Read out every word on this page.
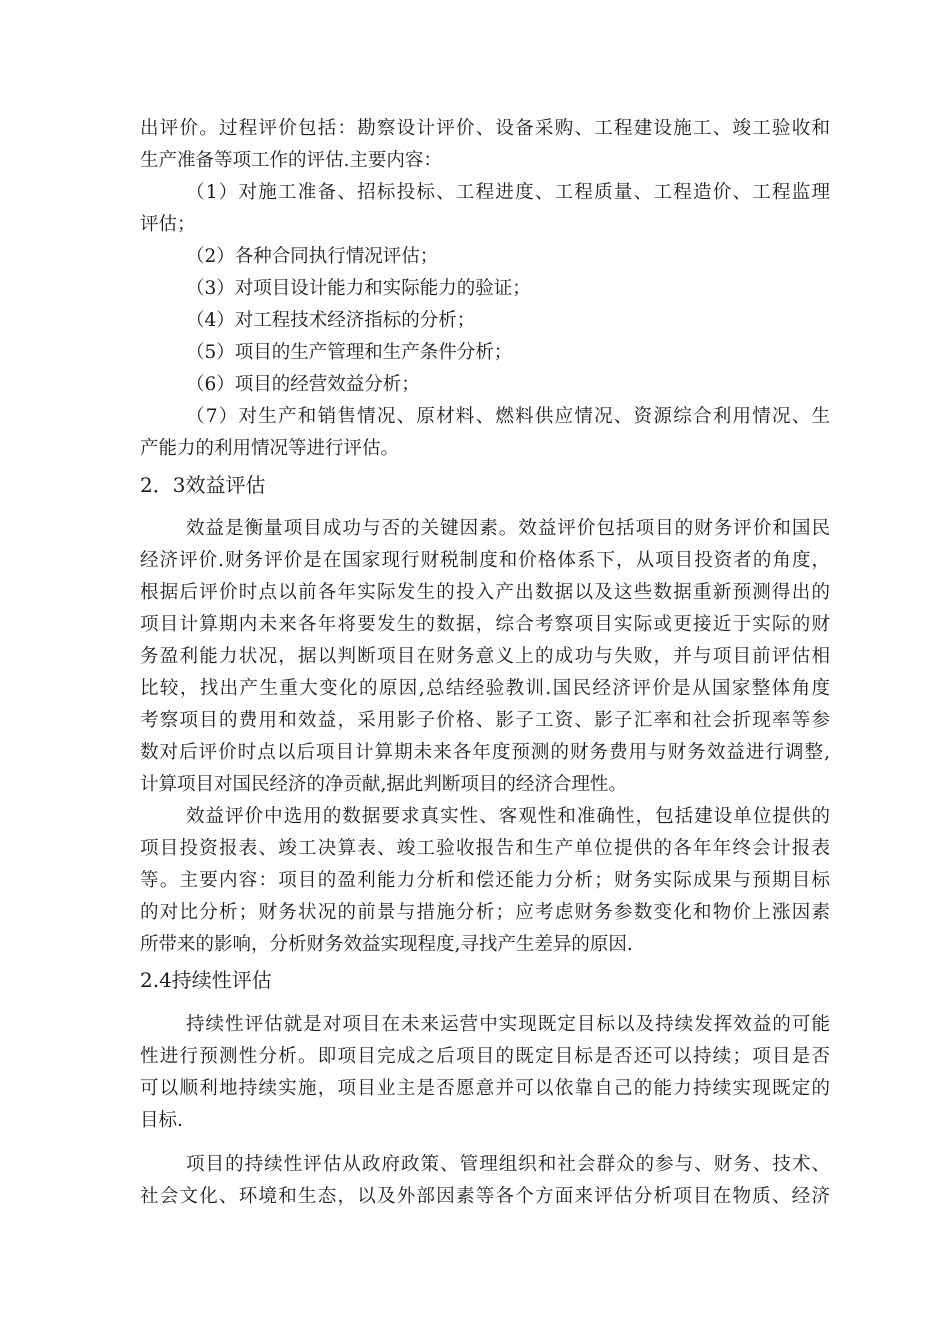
出评价。过程评价包括：勘察设计评价、设备采购、工程建设施工、竣工验收和
生产准备等项工作的评估.主要内容：
（1）对施工准备、招标投标、工程进度、工程质量、工程造价、工程监理
评估；
（2）各种合同执行情况评估；
（3）对项目设计能力和实际能力的验证；
（4）对工程技术经济指标的分析；
（5）项目的生产管理和生产条件分析；
（6）项目的经营效益分析；
（7）对生产和销售情况、原材料、燃料供应情况、资源综合利用情况、生
产能力的利用情况等进行评估。
2．3效益评估
效益是衡量项目成功与否的关键因素。效益评价包括项目的财务评价和国民
经济评价.财务评价是在国家现行财税制度和价格体系下，从项目投资者的角度，
根据后评价时点以前各年实际发生的投入产出数据以及这些数据重新预测得出的
项目计算期内未来各年将要发生的数据，综合考察项目实际或更接近于实际的财
务盈利能力状况，据以判断项目在财务意义上的成功与失败，并与项目前评估相
比较，找出产生重大变化的原因,总结经验教训.国民经济评价是从国家整体角度
考察项目的费用和效益，采用影子价格、影子工资、影子汇率和社会折现率等参
数对后评价时点以后项目计算期未来各年度预测的财务费用与财务效益进行调整,
计算项目对国民经济的净贡献,据此判断项目的经济合理性。
效益评价中选用的数据要求真实性、客观性和准确性，包括建设单位提供的
项目投资报表、竣工决算表、竣工验收报告和生产单位提供的各年年终会计报表
等。主要内容：项目的盈利能力分析和偿还能力分析；财务实际成果与预期目标
的对比分析；财务状况的前景与措施分析；应考虑财务参数变化和物价上涨因素
所带来的影响，分析财务效益实现程度,寻找产生差异的原因.
2.4持续性评估
持续性评估就是对项目在未来运营中实现既定目标以及持续发挥效益的可能
性进行预测性分析。即项目完成之后项目的既定目标是否还可以持续；项目是否
可以顺利地持续实施，项目业主是否愿意并可以依靠自己的能力持续实现既定的
目标.
项目的持续性评估从政府政策、管理组织和社会群众的参与、财务、技术、
社会文化、环境和生态，以及外部因素等各个方面来评估分析项目在物质、经济
